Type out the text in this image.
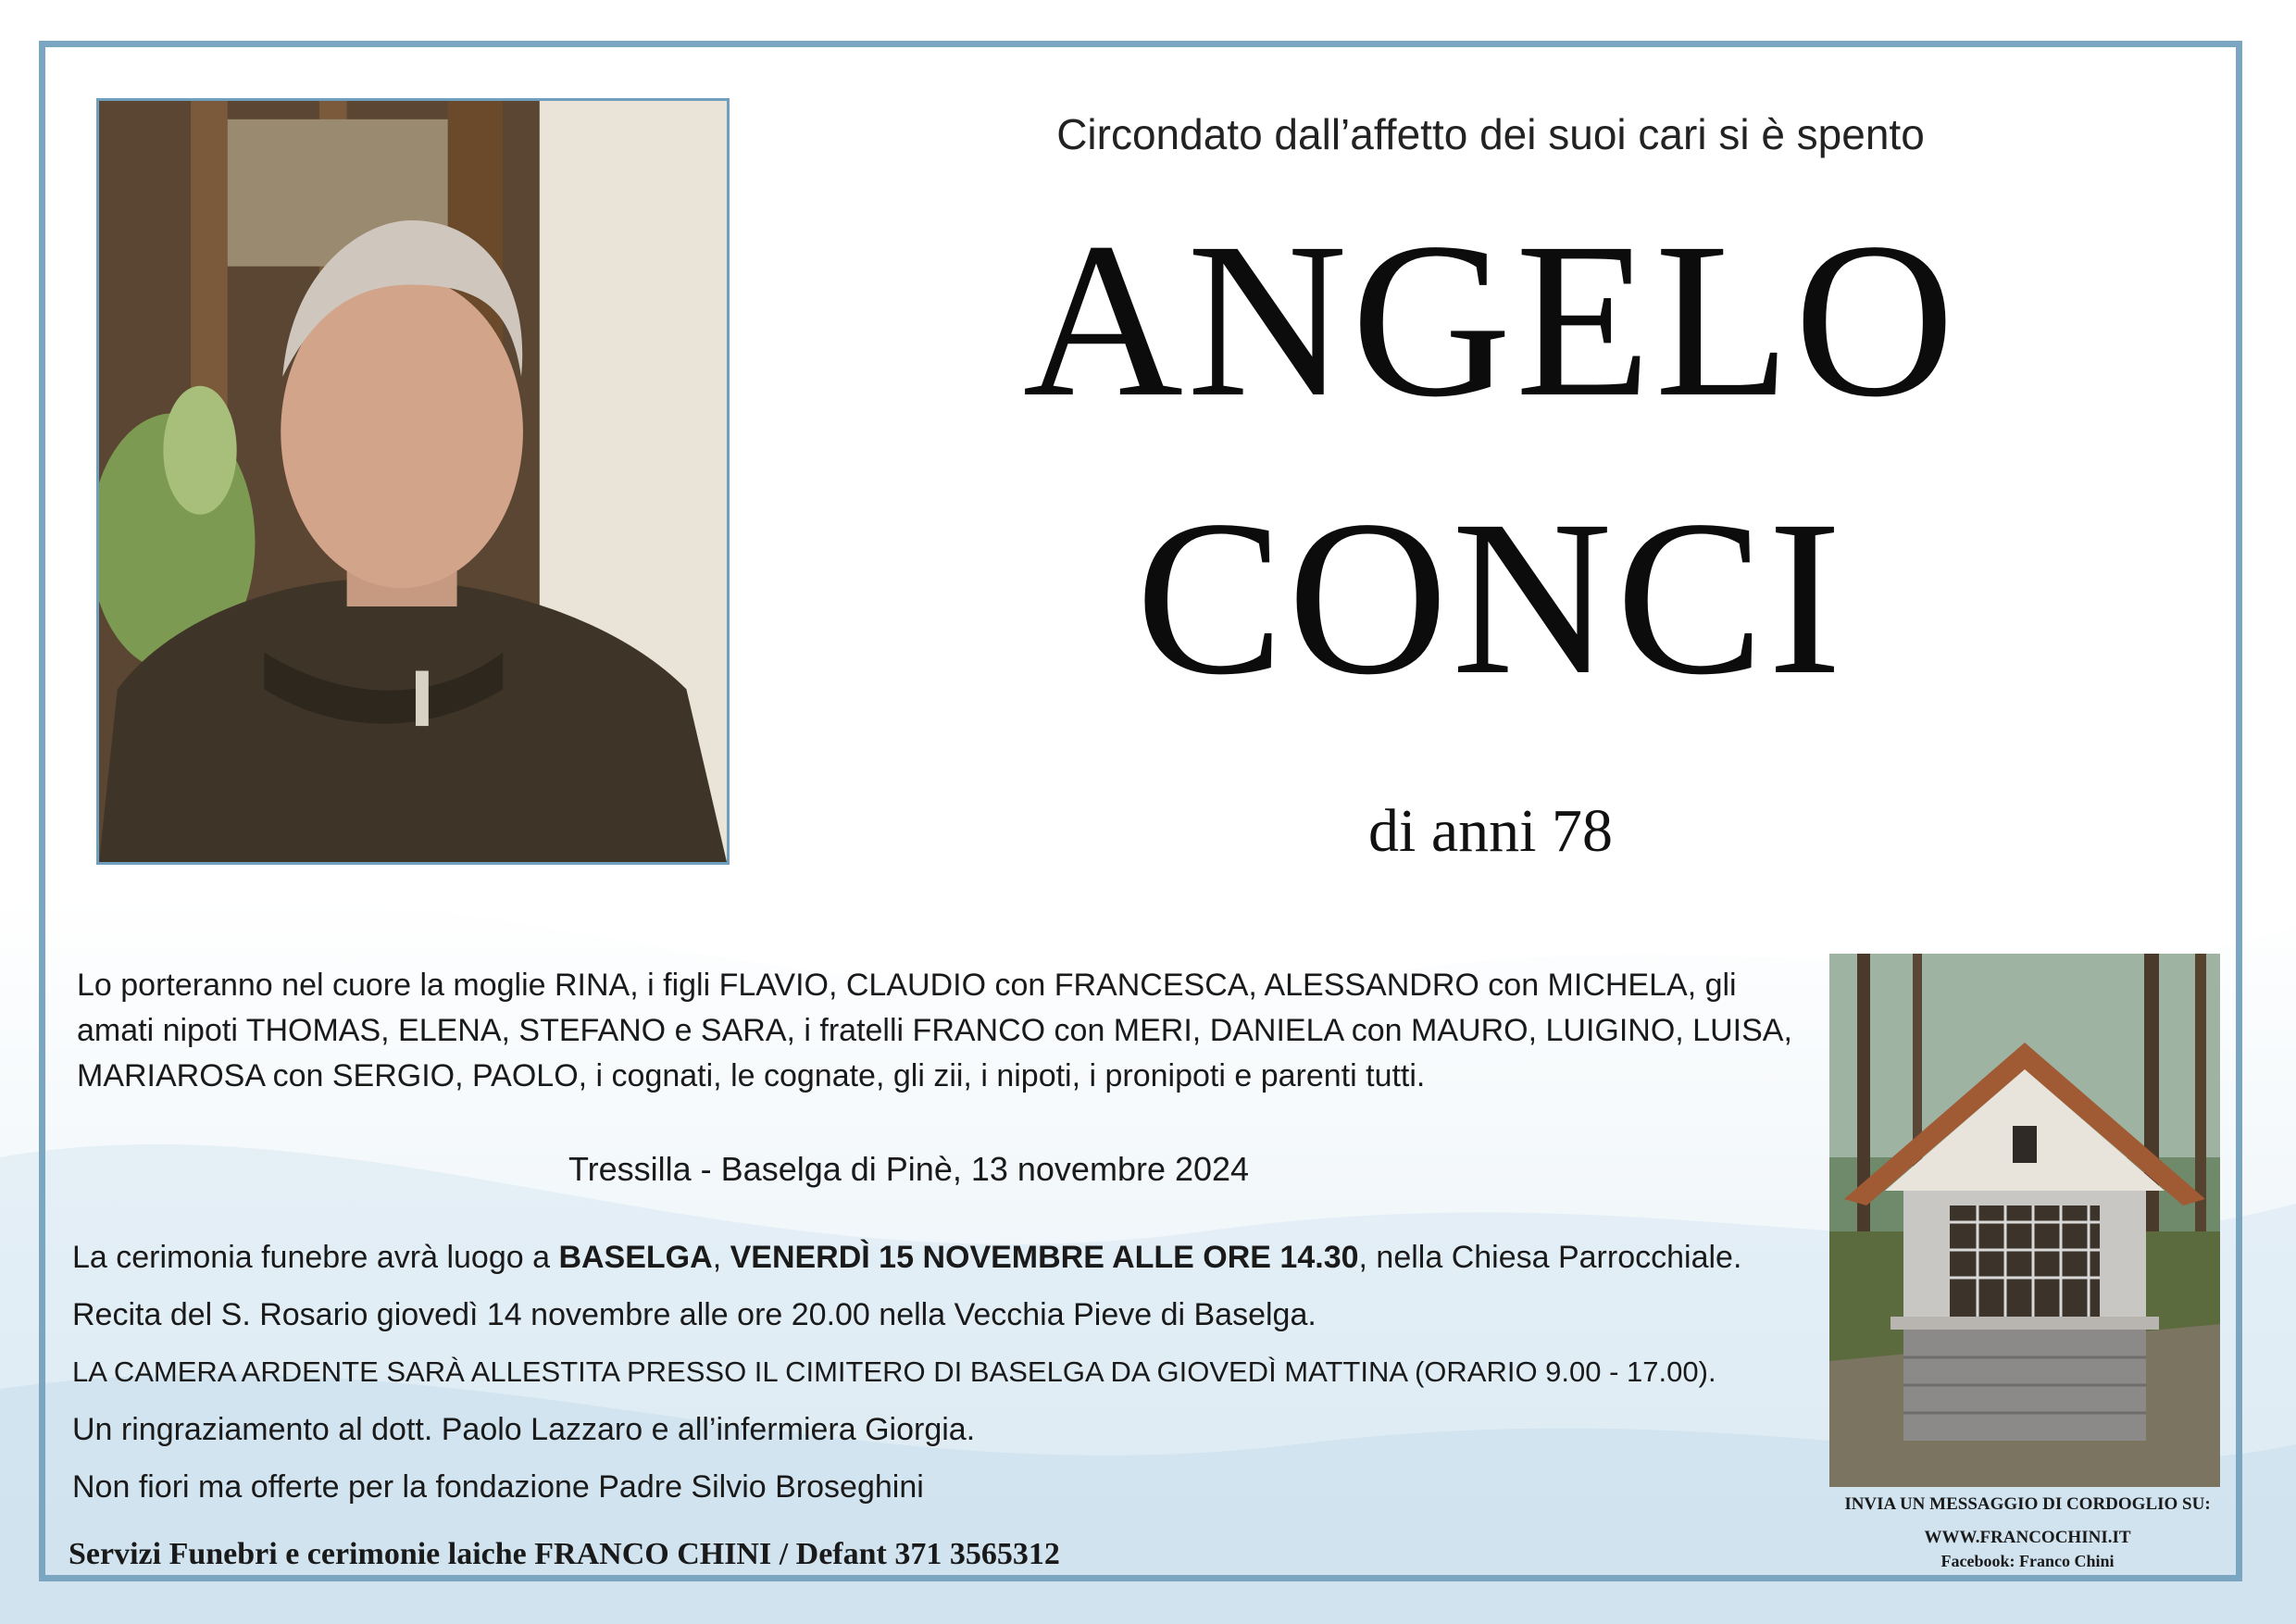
Circondato dall’affetto dei suoi cari si è spento
ANGELO
CONCI
di anni 78
Lo porteranno nel cuore la moglie RINA, i figli FLAVIO, CLAUDIO con FRANCESCA, ALESSANDRO con MICHELA, gli amati nipoti THOMAS, ELENA, STEFANO e SARA, i fratelli FRANCO con MERI, DANIELA con MAURO, LUIGINO, LUISA, MARIAROSA con SERGIO, PAOLO, i cognati, le cognate, gli zii, i nipoti, i pronipoti e parenti tutti.
Tressilla - Baselga di Pinè, 13 novembre 2024
La cerimonia funebre avrà luogo a BASELGA, VENERDÌ 15 NOVEMBRE ALLE ORE 14.30, nella Chiesa Parrocchiale.
Recita del S. Rosario giovedì 14 novembre alle ore 20.00 nella Vecchia Pieve di Baselga.
LA CAMERA ARDENTE SARÀ ALLESTITA PRESSO IL CIMITERO DI BASELGA DA GIOVEDÌ MATTINA (ORARIO 9.00 - 17.00).
Un ringraziamento al dott. Paolo Lazzaro e all’infermiera Giorgia.
Non fiori ma offerte per la fondazione Padre Silvio Broseghini
Servizi Funebri e cerimonie laiche FRANCO CHINI / Defant 371 3565312
INVIA UN MESSAGGIO DI CORDOGLIO SU:
WWW.FRANCOCHINI.IT
Facebook: Franco Chini
